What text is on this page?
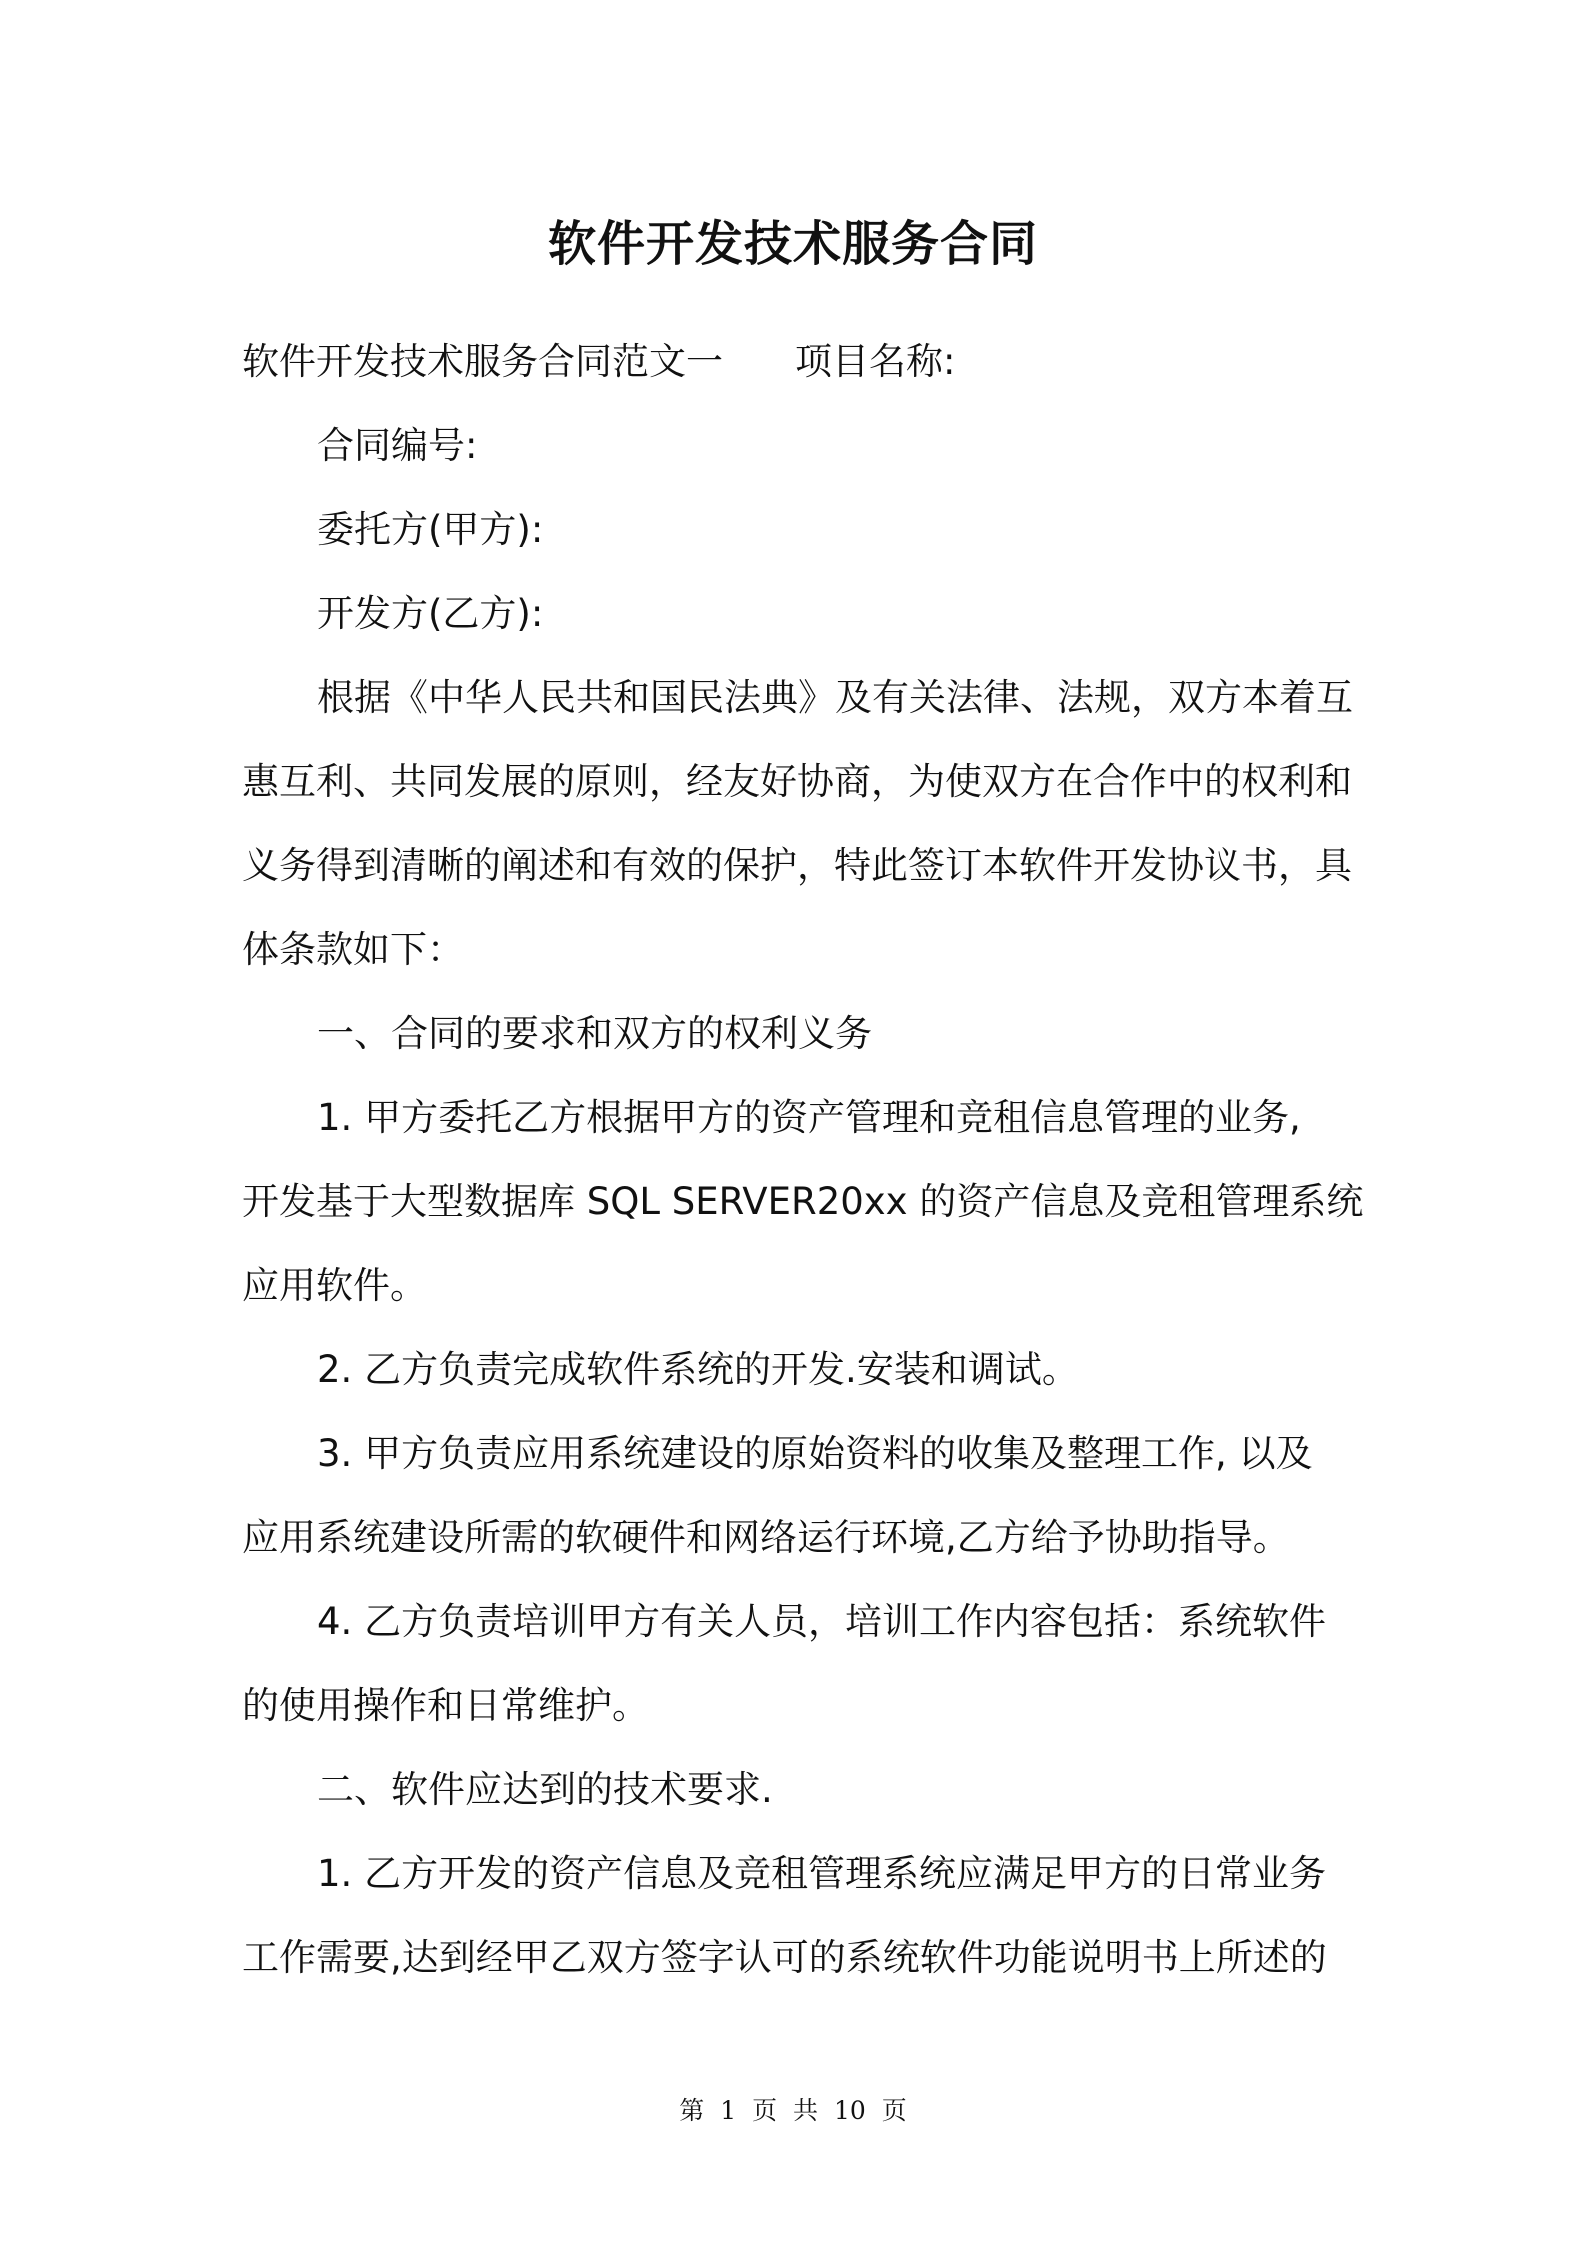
软件开发技术服务合同
软件开发技术服务合同范文一 项目名称:
合同编号:
委托方(甲方):
开发方(乙方):
根据《中华人民共和国民法典》及有关法律、法规，双方本着互
惠互利、共同发展的原则，经友好协商，为使双方在合作中的权利和
义务得到清晰的阐述和有效的保护，特此签订本软件开发协议书，具
体条款如下：
一、合同的要求和双方的权利义务
1. 甲方委托乙方根据甲方的资产管理和竞租信息管理的业务,
开发基于大型数据库 SQL SERVER20xx 的资产信息及竞租管理系统
应用软件。
2. 乙方负责完成软件系统的开发.安装和调试。
3. 甲方负责应用系统建设的原始资料的收集及整理工作, 以及
应用系统建设所需的软硬件和网络运行环境,乙方给予协助指导。
4. 乙方负责培训甲方有关人员，培训工作内容包括：系统软件
的使用操作和日常维护。
二、软件应达到的技术要求.
1. 乙方开发的资产信息及竞租管理系统应满足甲方的日常业务
工作需要,达到经甲乙双方签字认可的系统软件功能说明书上所述的
第 1 页 共 10 页
